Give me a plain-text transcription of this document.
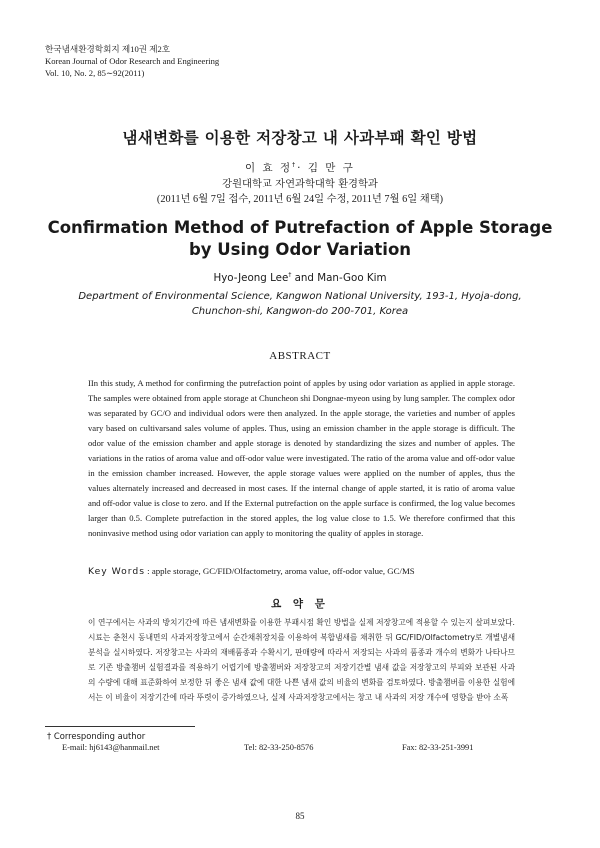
한국냄새환경학회지 제10권 제2호
Korean Journal of Odor Research and Engineering
Vol. 10, No. 2, 85∼92(2011)
냄새변화를 이용한 저장창고 내 사과부패 확인 방법
이 효 정†· 김 만 구
강원대학교 자연과학대학 환경학과
(2011년 6월 7일 접수, 2011년 6월 24일 수정, 2011년 7월 6일 채택)
Confirmation Method of Putrefaction of Apple Storage
by Using Odor Variation
Hyo-Jeong Lee† and Man-Goo Kim
Department of Environmental Science, Kangwon National University, 193-1, Hyoja-dong,
Chunchon-shi, Kangwon-do 200-701, Korea
ABSTRACT
IIn this study, A method for confirming the putrefaction point of apples by using odor variation as applied in apple storage. The samples were obtained from apple storage at Chuncheon shi Dongnae-myeon using by lung sampler. The complex odor was separated by GC/O and individual odors were then analyzed. In the apple storage, the varieties and number of apples vary based on cultivarsand sales volume of apples. Thus, using an emission chamber in the apple storage is difficult. The odor value of the emission chamber and apple storage is denoted by standardizing the sizes and number of apples. The variations in the ratios of aroma value and off-odor value were investigated. The ratio of the aroma value and off-odor value in the emission chamber increased. However, the apple storage values were applied on the number of apples, thus the values alternately increased and decreased in most cases. If the internal change of apple started, it is ratio of aroma value and off-odor value is close to zero. and If the External putrefaction on the apple surface is confirmed, the log value becomes larger than 0.5. Complete putrefaction in the stored apples, the log value close to 1.5. We therefore confirmed that this noninvasive method using odor variation can apply to monitoring the quality of apples in storage.
Key Words : apple storage, GC/FID/Olfactometry, aroma value, off-odor value, GC/MS
요 약 문
이 연구에서는 사과의 방치기간에 따른 냄새변화를 이용한 부패시점 확인 방법을 실제 저장창고에 적용할 수 있는지 살펴보았다. 시료는 춘천시 동내면의 사과저장창고에서 순간채취장치를 이용하여 복합냄새를 채취한 뒤 GC/FID/Olfactometry로 개별냄새 분석을 실시하였다. 저장창고는 사과의 재배품종과 수확시기, 판매량에 따라서 저장되는 사과의 품종과 개수의 변화가 나타나므로 기존 방출챔버 실험결과를 적용하기 어렵기에 방출챔버와 저장창고의 저장기간별 냄새 값을 저장창고의 부피와 보관된 사과의 수량에 대해 표준화하여 보정한 뒤 좋은 냄새 값에 대한 나쁜 냄새 값의 비율의 변화를 검토하였다. 방출챔버를 이용한 실험에서는 이 비율이 저장기간에 따라 뚜렷이 증가하였으나, 실제 사과저장창고에서는 창고 내 사과의 저장 개수에 영향을 받아 소폭
† Corresponding author
E-mail: hj6143@hanmail.net	Tel: 82-33-250-8576	Fax: 82-33-251-3991
85
